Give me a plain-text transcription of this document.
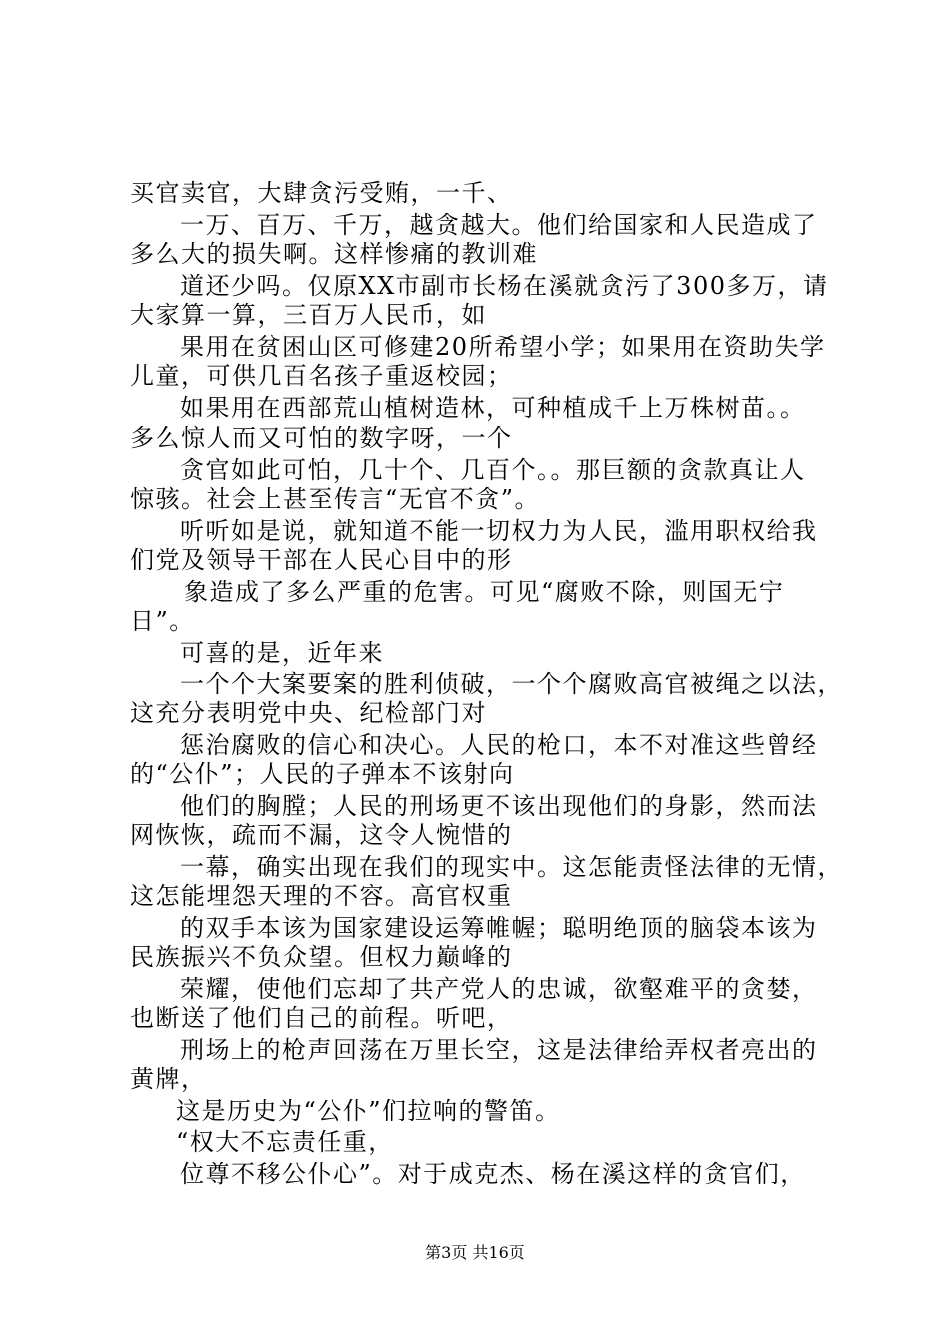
买官卖官，大肆贪污受贿，一千、
一万、百万、千万，越贪越大。他们给国家和人民造成了
多么大的损失啊。这样惨痛的教训难
道还少吗。仅原XX市副市长杨在溪就贪污了300多万，请
大家算一算，三百万人民币，如
果用在贫困山区可修建20所希望小学；如果用在资助失学
儿童，可供几百名孩子重返校园；
如果用在西部荒山植树造林，可种植成千上万株树苗。。
多么惊人而又可怕的数字呀，一个
贪官如此可怕，几十个、几百个。。那巨额的贪款真让人
惊骇。社会上甚至传言“无官不贪”。
听听如是说，就知道不能一切权力为人民，滥用职权给我
们党及领导干部在人民心目中的形
象造成了多么严重的危害。可见“腐败不除，则国无宁
日”。
可喜的是，近年来
一个个大案要案的胜利侦破，一个个腐败高官被绳之以法，
这充分表明党中央、纪检部门对
惩治腐败的信心和决心。人民的枪口，本不对准这些曾经
的“公仆”；人民的子弹本不该射向
他们的胸膛；人民的刑场更不该出现他们的身影，然而法
网恢恢，疏而不漏，这令人惋惜的
一幕，确实出现在我们的现实中。这怎能责怪法律的无情，
这怎能埋怨天理的不容。高官权重
的双手本该为国家建设运筹帷幄；聪明绝顶的脑袋本该为
民族振兴不负众望。但权力巅峰的
荣耀，使他们忘却了共产党人的忠诚，欲壑难平的贪婪，
也断送了他们自己的前程。听吧，
刑场上的枪声回荡在万里长空，这是法律给弄权者亮出的
黄牌，
这是历史为“公仆”们拉响的警笛。
“权大不忘责任重，
位尊不移公仆心”。对于成克杰、杨在溪这样的贪官们，
第3页 共16页
